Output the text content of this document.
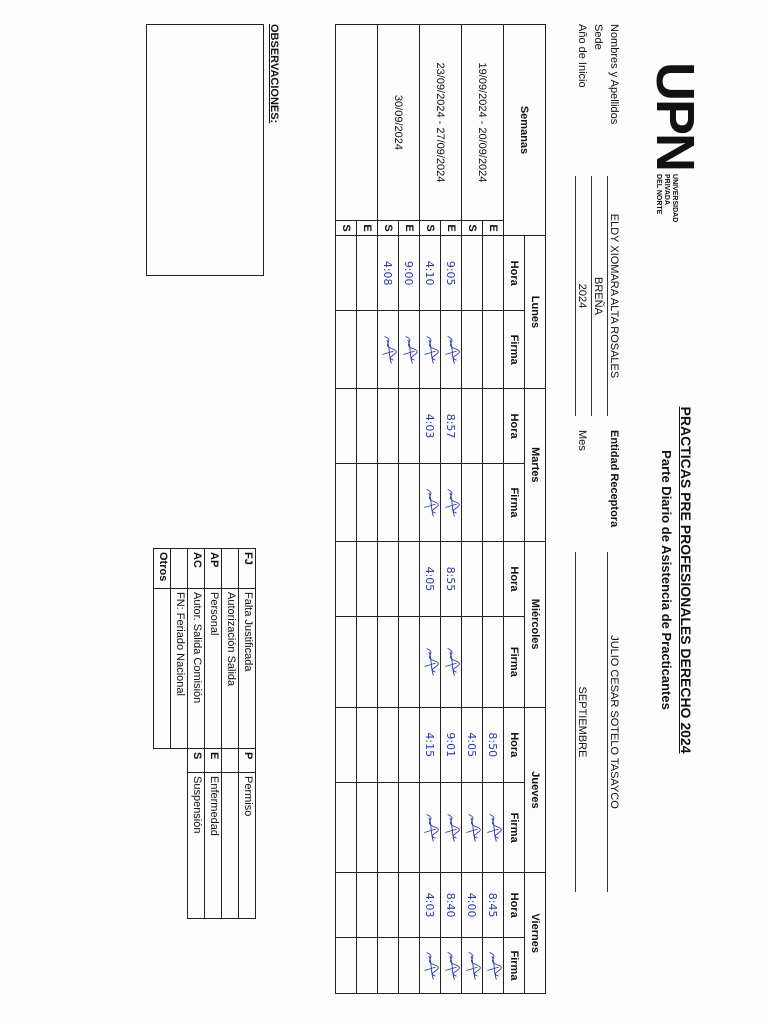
UPN
UNIVERSIDAD
PRIVADA
DEL NORTE
PRACTICAS PRE PROFESIONALES DERECHO 2024
Parte Diario de Asistencia de Practicantes
Nombres y Apellidos
ELDY XIOMARA ALTA ROSALES
Entidad Receptora
JULIO CESAR SOTELO TASAYCO
Sede
BREÑA
Año de Inicio
2024
Mes
SEPTIEMBRE
Semanas		Lunes		Martes		Miércoles		Jueves		Viernes	
		Hora	Firma	Hora	Firma	Hora	Firma	Hora	Firma	Hora	Firma
19/09/2024 - 20/09/2024	E							8:50		8:45	

	S							4:05		4:00	

23/09/2024 - 27/09/2024	E	9:05		8:57		8:55		9:01		8:40	

	S	4:10		4:03		4:05		4:15		4:03	

30/09/2024	E	9:00	

	S	4:08	

	E										
	S										
OBSERVACIONES:
FJ	Falta Justificada	P	Permiso
	Autorización Salida		
AP	Personal	E	Enfermedad
AC	Autor. Salida Comisión	S	Suspensión
	FN: Feriado Nacional		
Otros			
